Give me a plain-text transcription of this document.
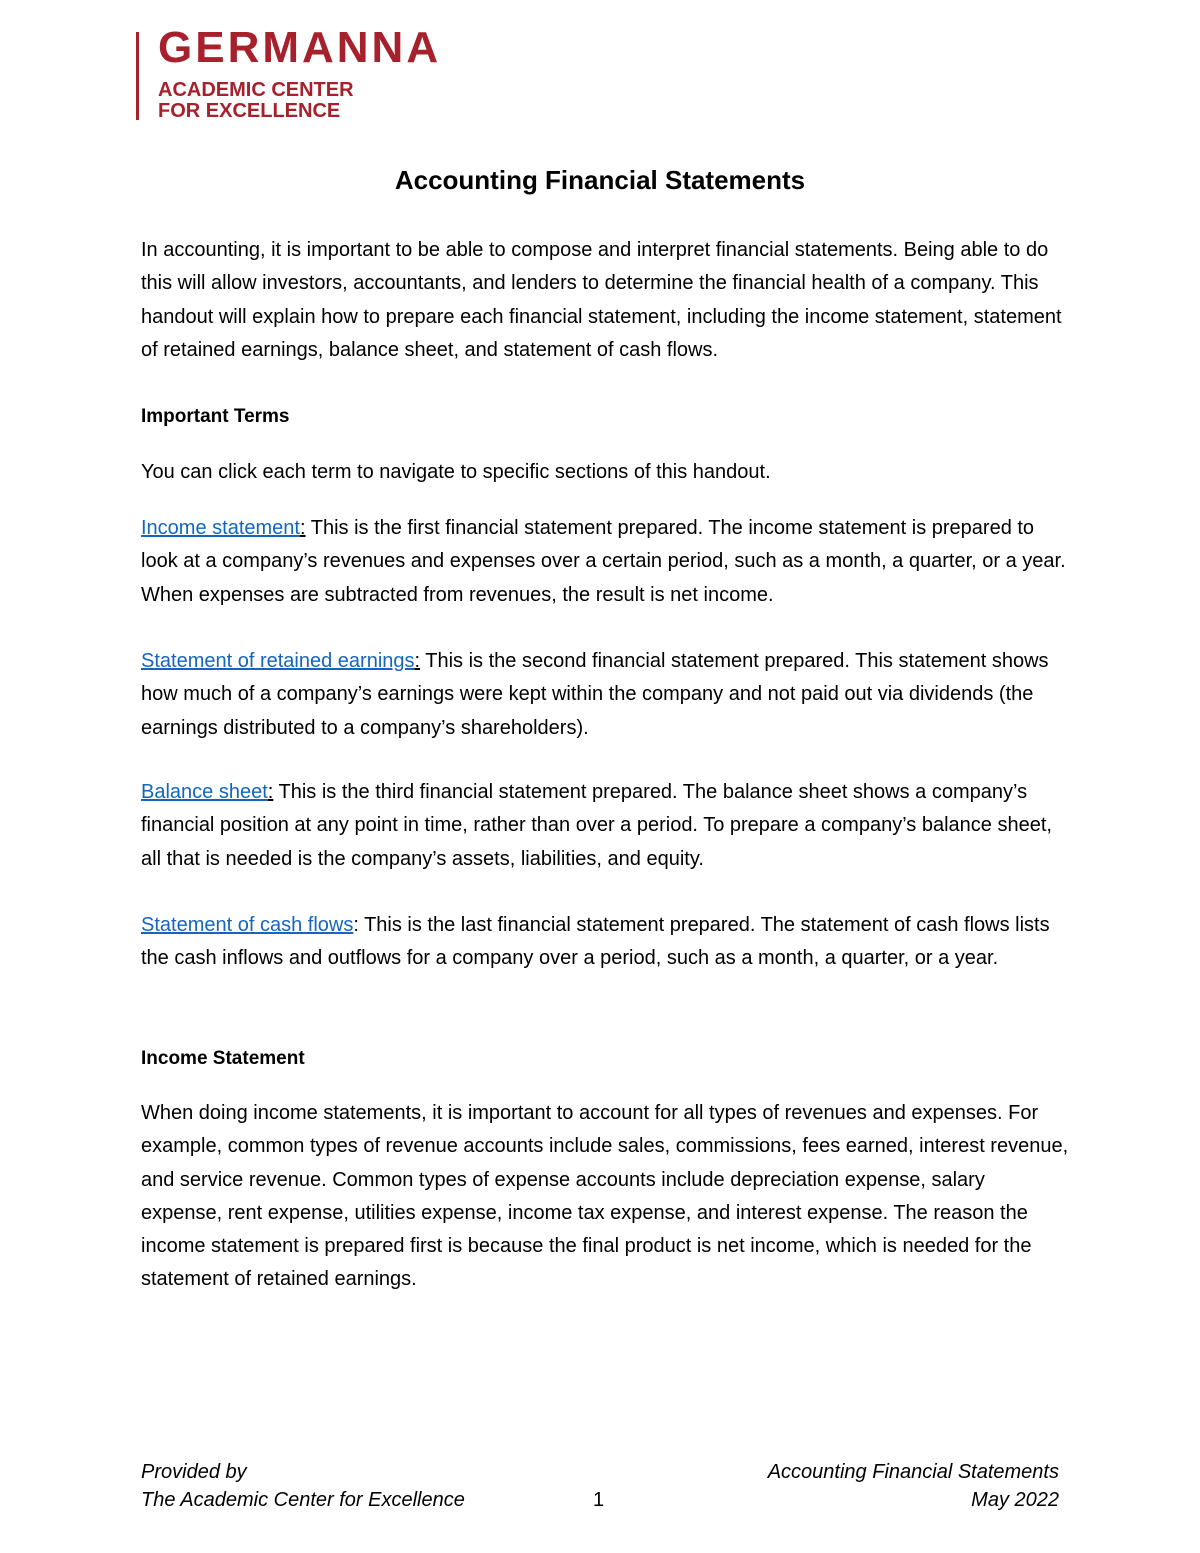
GERMANNA
ACADEMIC CENTER
FOR EXCELLENCE
Accounting Financial Statements

In accounting, it is important to be able to compose and interpret financial statements. Being able to do this will allow investors, accountants, and lenders to determine the financial health of a company. This handout will explain how to prepare each financial statement, including the income statement, statement of retained earnings, balance sheet, and statement of cash flows.

Important Terms

You can click each term to navigate to specific sections of this handout.

Income statement: This is the first financial statement prepared. The income statement is prepared to look at a company’s revenues and expenses over a certain period, such as a month, a quarter, or a year. When expenses are subtracted from revenues, the result is net income.

Statement of retained earnings: This is the second financial statement prepared. This statement shows how much of a company’s earnings were kept within the company and not paid out via dividends (the earnings distributed to a company’s shareholders).

Balance sheet: This is the third financial statement prepared. The balance sheet shows a company’s financial position at any point in time, rather than over a period. To prepare a company’s balance sheet, all that is needed is the company’s assets, liabilities, and equity.

Statement of cash flows: This is the last financial statement prepared. The statement of cash flows lists the cash inflows and outflows for a company over a period, such as a month, a quarter, or a year.

Income Statement

When doing income statements, it is important to account for all types of revenues and expenses. For example, common types of revenue accounts include sales, commissions, fees earned, interest revenue, and service revenue. Common types of expense accounts include depreciation expense, salary expense, rent expense, utilities expense, income tax expense, and interest expense. The reason the income statement is prepared first is because the final product is net income, which is needed for the statement of retained earnings.

Provided by
The Academic Center for Excellence	1
Accounting Financial Statements
May 2022
